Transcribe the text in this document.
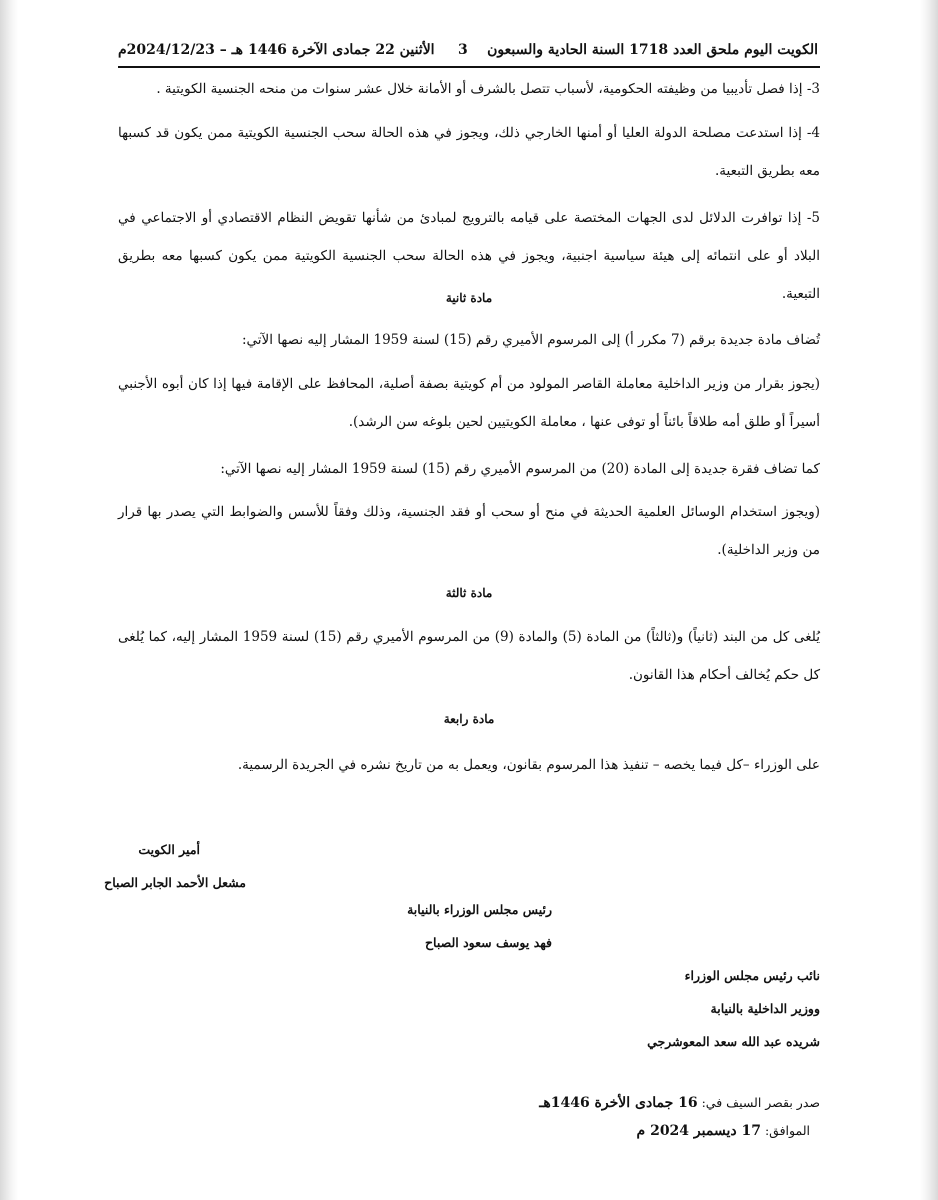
الكويت اليوم ملحق العدد 1718 السنة الحادية والسبعون
3
الأثنين 22 جمادى الآخرة 1446 هـ – 2024/12/23م

3- إذا فصل تأديبيا من وظيفته الحكومية، لأسباب تتصل بالشرف أو الأمانة خلال عشر سنوات من منحه الجنسية الكويتية .

4- إذا استدعت مصلحة الدولة العليا أو أمنها الخارجي ذلك، ويجوز في هذه الحالة سحب الجنسية الكويتية ممن يكون قد كسبها معه بطريق التبعية.

5- إذا توافرت الدلائل لدى الجهات المختصة على قيامه بالترويج لمبادئ من شأنها تقويض النظام الاقتصادي أو الاجتماعي في البلاد أو على انتمائه إلى هيئة سياسية اجنبية، ويجوز في هذه الحالة سحب الجنسية الكويتية ممن يكون كسبها معه بطريق التبعية.

مادة ثانية

تُضاف مادة جديدة برقم (7 مكرر أ) إلى المرسوم الأميري رقم (15) لسنة 1959 المشار إليه نصها الآتي:

(يجوز بقرار من وزير الداخلية معاملة القاصر المولود من أم كويتية بصفة أصلية، المحافظ على الإقامة فيها إذا كان أبوه الأجنبي أسيراً أو طلق أمه طلاقاً بائناً أو توفى عنها ، معاملة الكويتيين لحين بلوغه سن الرشد).

كما تضاف فقرة جديدة إلى المادة (20) من المرسوم الأميري رقم (15) لسنة 1959 المشار إليه نصها الآتي:

(ويجوز استخدام الوسائل العلمية الحديثة في منح أو سحب أو فقد الجنسية، وذلك وفقاً للأسس والضوابط التي يصدر بها قرار من وزير الداخلية).

مادة ثالثة

يُلغى كل من البند (ثانياً) و(ثالثاً) من المادة (5) والمادة (9) من المرسوم الأميري رقم (15) لسنة 1959 المشار إليه، كما يُلغى كل حكم يُخالف أحكام هذا القانون.

مادة رابعة

على الوزراء –كل فيما يخصه – تنفيذ هذا المرسوم بقانون، ويعمل به من تاريخ نشره في الجريدة الرسمية.

أمير الكويت
مشعل الأحمد الجابر الصباح
رئيس مجلس الوزراء بالنيابة
فهد يوسف سعود الصباح
نائب رئيس مجلس الوزراء
ووزير الداخلية بالنيابة
شريده عبد الله سعد المعوشرجي
صدر بقصر السيف في: 16 جمادى الأخرة 1446هـ
الموافق: 17 ديسمبر 2024 م
